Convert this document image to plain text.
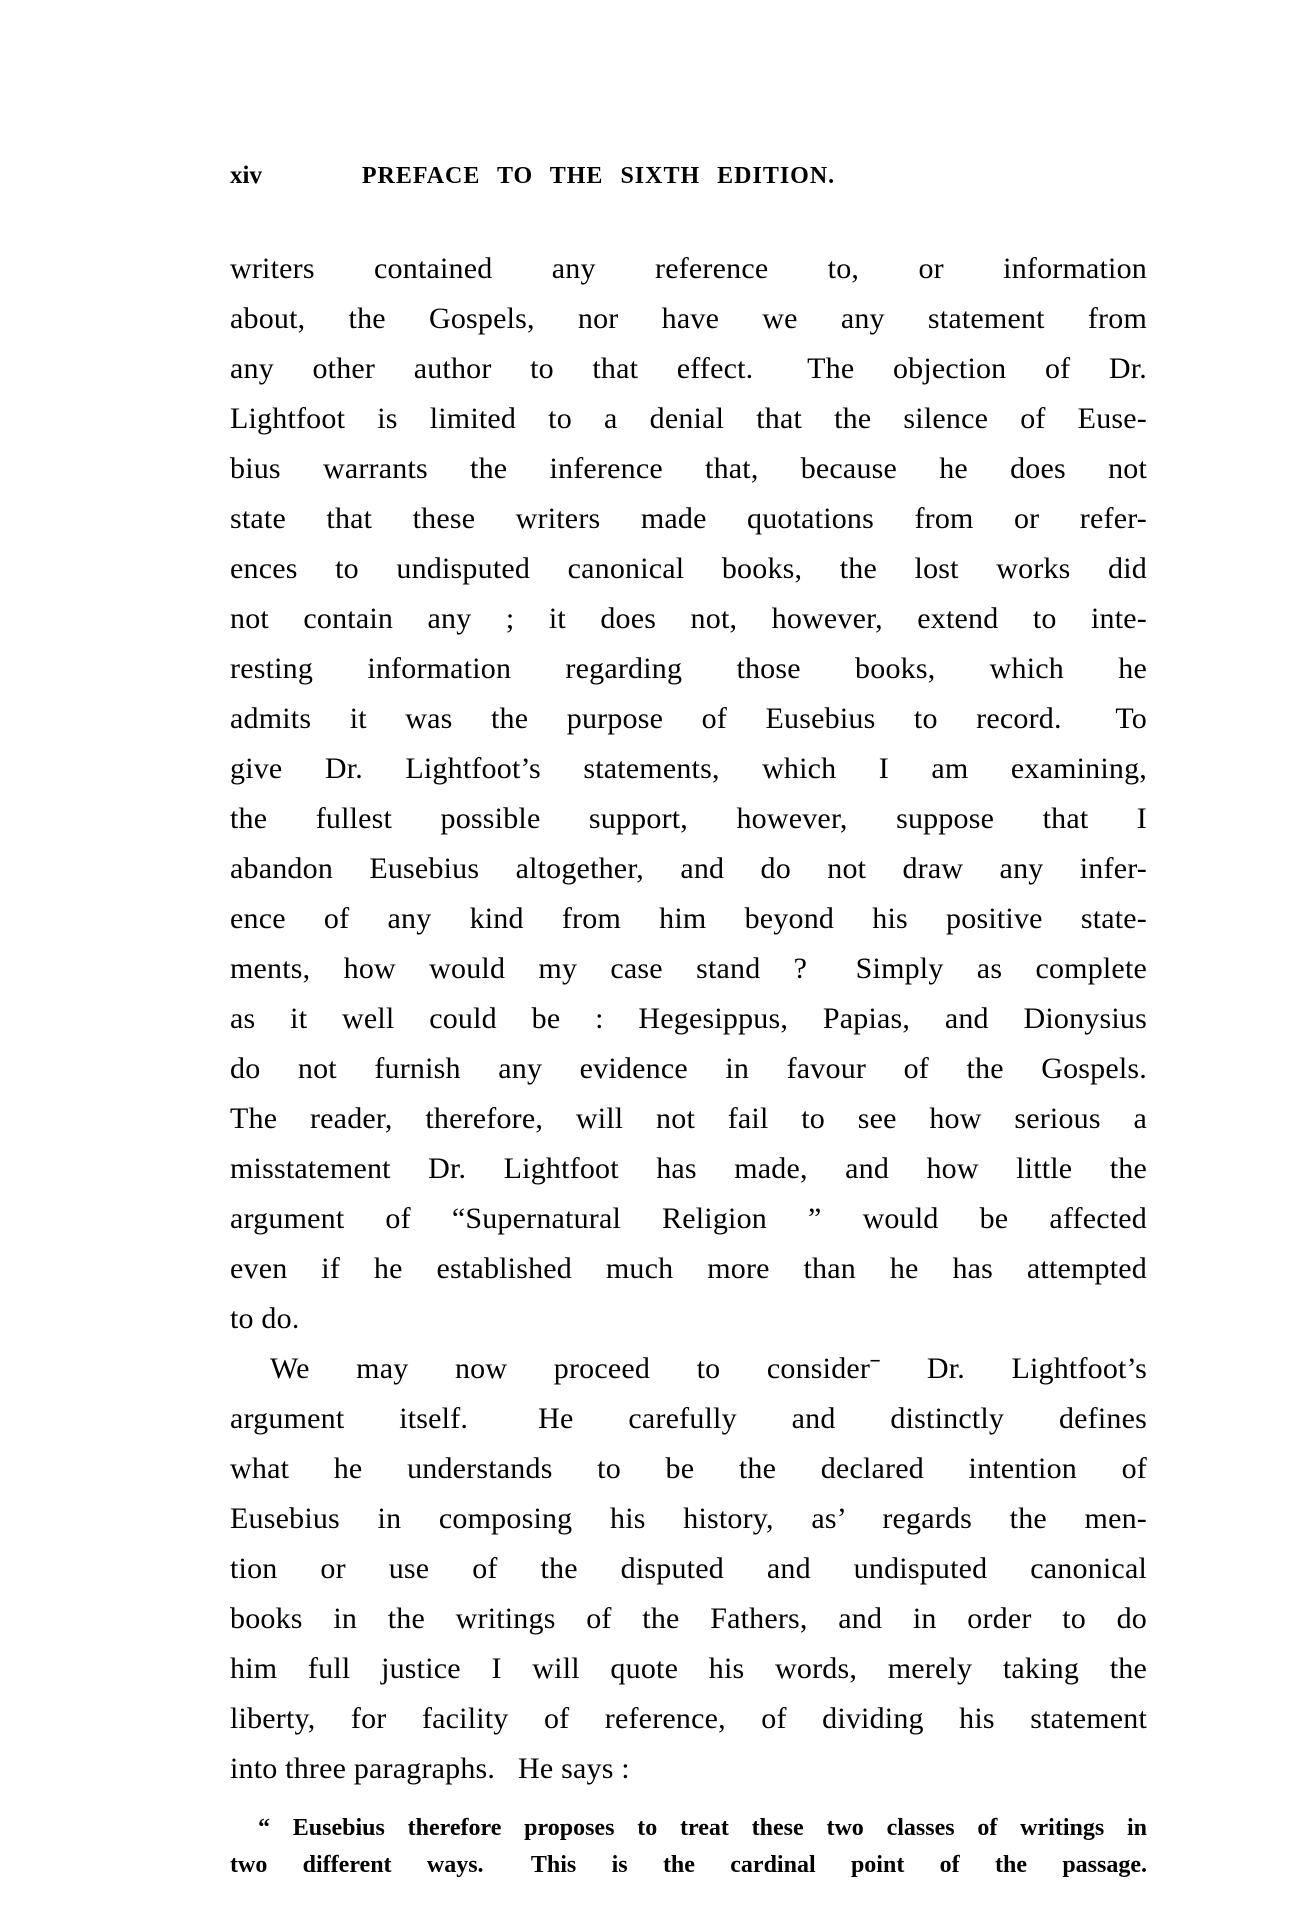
xiv	PREFACE TO THE SIXTH EDITION.
writers contained any reference to, or information
about, the Gospels, nor have we any statement from
any other author to that effect.  The objection of Dr.
Lightfoot is limited to a denial that the silence of Euse-
bius warrants the inference that, because he does not
state that these writers made quotations from or refer-
ences to undisputed canonical books, the lost works did
not contain any ; it does not, however, extend to inte-
resting information regarding those books, which he
admits it was the purpose of Eusebius to record.  To
give Dr. Lightfoot’s statements, which I am examining,
the fullest possible support, however, suppose that I
abandon Eusebius altogether, and do not draw any infer-
ence of any kind from him beyond his positive state-
ments, how would my case stand ?  Simply as complete
as it well could be : Hegesippus, Papias, and Dionysius
do not furnish any evidence in favour of the Gospels.
The reader, therefore, will not fail to see how serious a
misstatement Dr. Lightfoot has made, and how little the
argument of “Supernatural Religion ” would be affected
even if he established much more than he has attempted
to do.
We may now proceed to considerˉ Dr. Lightfoot’s
argument itself.  He carefully and distinctly defines
what he understands to be the declared intention of
Eusebius in composing his history, as’ regards the men-
tion or use of the disputed and undisputed canonical
books in the writings of the Fathers, and in order to do
him full justice I will quote his words, merely taking the
liberty, for facility of reference, of dividing his statement
into three paragraphs.  He says :
“ Eusebius therefore proposes to treat these two classes of writings in
two different ways.  This is the cardinal point of the passage.
